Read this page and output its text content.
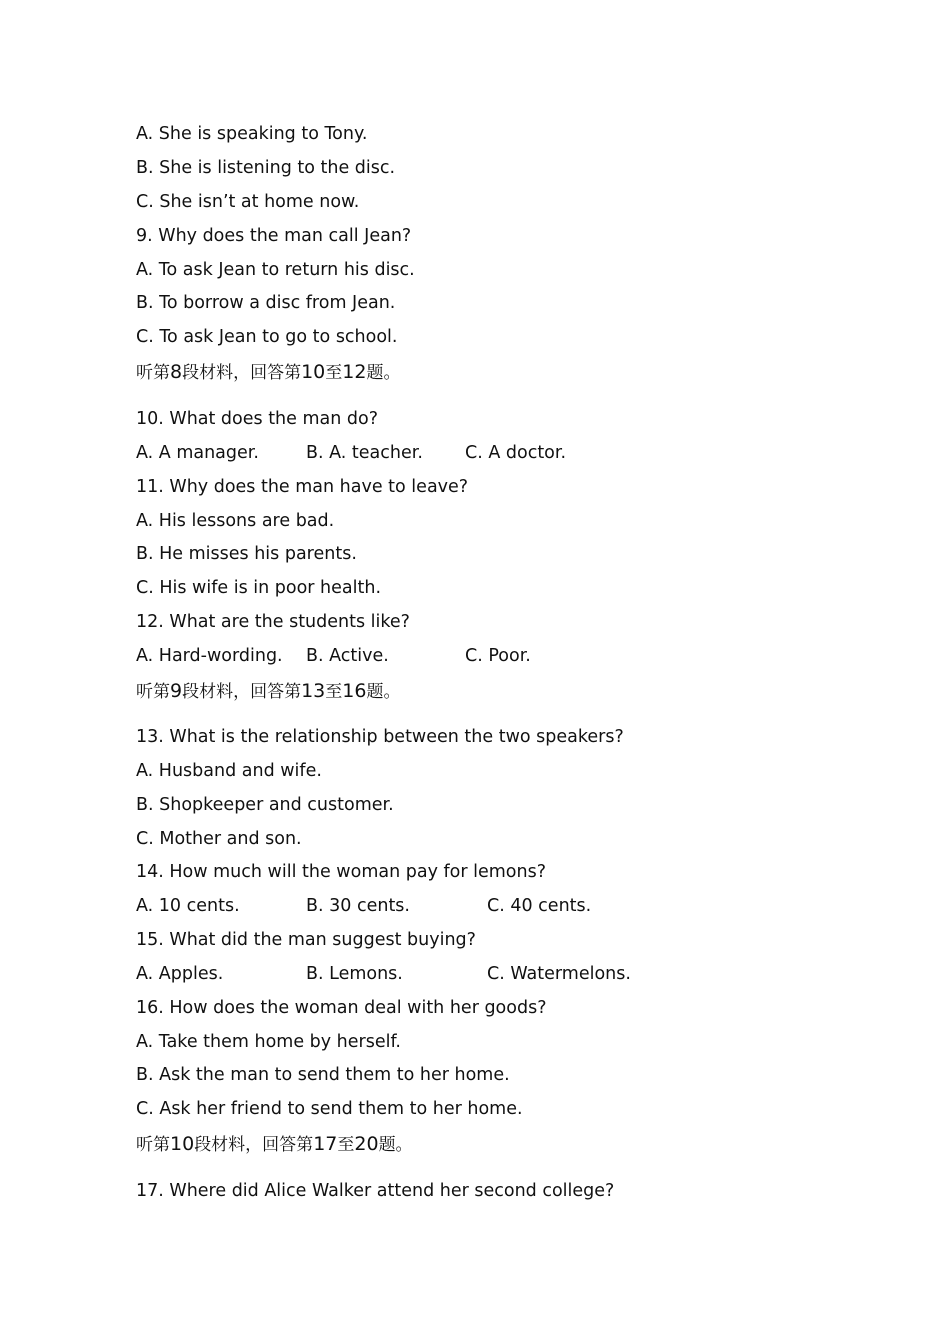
A. She is speaking to Tony.
B. She is listening to the disc.
C. She isn’t at home now.
9. Why does the man call Jean?
A. To ask Jean to return his disc.
B. To borrow a disc from Jean.
C. To ask Jean to go to school.
听第8段材料，回答第10至12题。
10. What does the man do?

A. A manager.

	B. A. teacher.

C. A doctor.

11. Why does the man have to leave?
A. His lessons are bad.
B. He misses his parents.
C. His wife is in poor health.
12. What are the students like?

A. Hard-wording.

B. Active.

	C. Poor.

听第9段材料，回答第13至16题。
13. What is the relationship between the two speakers?
A. Husband and wife.
B. Shopkeeper and customer.
C. Mother and son.
14. How much will the woman pay for lemons?

A. 10 cents.

	B. 30 cents.

	C. 40 cents.

15. What did the man suggest buying?

A. Apples.

	B. Lemons.

	C. Watermelons.

16. How does the woman deal with her goods?
A. Take them home by herself.
B. Ask the man to send them to her home.
C. Ask her friend to send them to her home.
听第10段材料，回答第17至20题。
17. Where did Alice Walker attend her second college?
